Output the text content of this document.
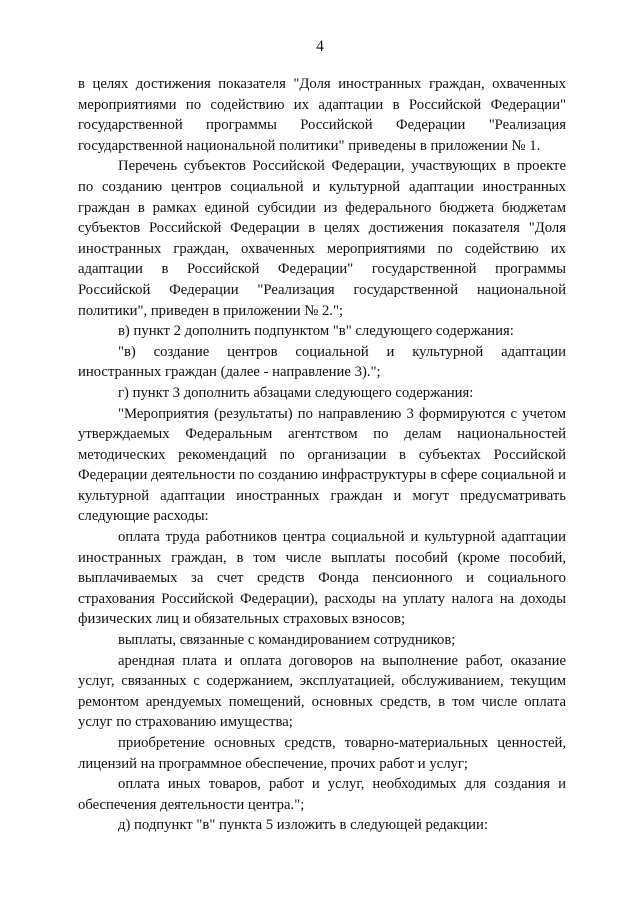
4

в целях достижения показателя "Доля иностранных граждан, охваченных мероприятиями по содействию их адаптации в Российской Федерации" государственной программы Российской Федерации "Реализация государственной национальной политики" приведены в приложении № 1.

Перечень субъектов Российской Федерации, участвующих в проекте по созданию центров социальной и культурной адаптации иностранных граждан в рамках единой субсидии из федерального бюджета бюджетам субъектов Российской Федерации в целях достижения показателя "Доля иностранных граждан, охваченных мероприятиями по содействию их адаптации в Российской Федерации" государственной программы Российской Федерации "Реализация государственной национальной политики", приведен в приложении № 2.";

в) пункт 2 дополнить подпунктом "в" следующего содержания:

"в) создание центров социальной и культурной адаптации иностранных граждан (далее - направление 3).";

г) пункт 3 дополнить абзацами следующего содержания:

"Мероприятия (результаты) по направлению 3 формируются с учетом утверждаемых Федеральным агентством по делам национальностей методических рекомендаций по организации в субъектах Российской Федерации деятельности по созданию инфраструктуры в сфере социальной и культурной адаптации иностранных граждан и могут предусматривать следующие расходы:

оплата труда работников центра социальной и культурной адаптации иностранных граждан, в том числе выплаты пособий (кроме пособий, выплачиваемых за счет средств Фонда пенсионного и социального страхования Российской Федерации), расходы на уплату налога на доходы физических лиц и обязательных страховых взносов;

выплаты, связанные с командированием сотрудников;

арендная плата и оплата договоров на выполнение работ, оказание услуг, связанных с содержанием, эксплуатацией, обслуживанием, текущим ремонтом арендуемых помещений, основных средств, в том числе оплата услуг по страхованию имущества;

приобретение основных средств, товарно-материальных ценностей, лицензий на программное обеспечение, прочих работ и услуг;

оплата иных товаров, работ и услуг, необходимых для создания и обеспечения деятельности центра.";

д) подпункт "в" пункта 5 изложить в следующей редакции:
